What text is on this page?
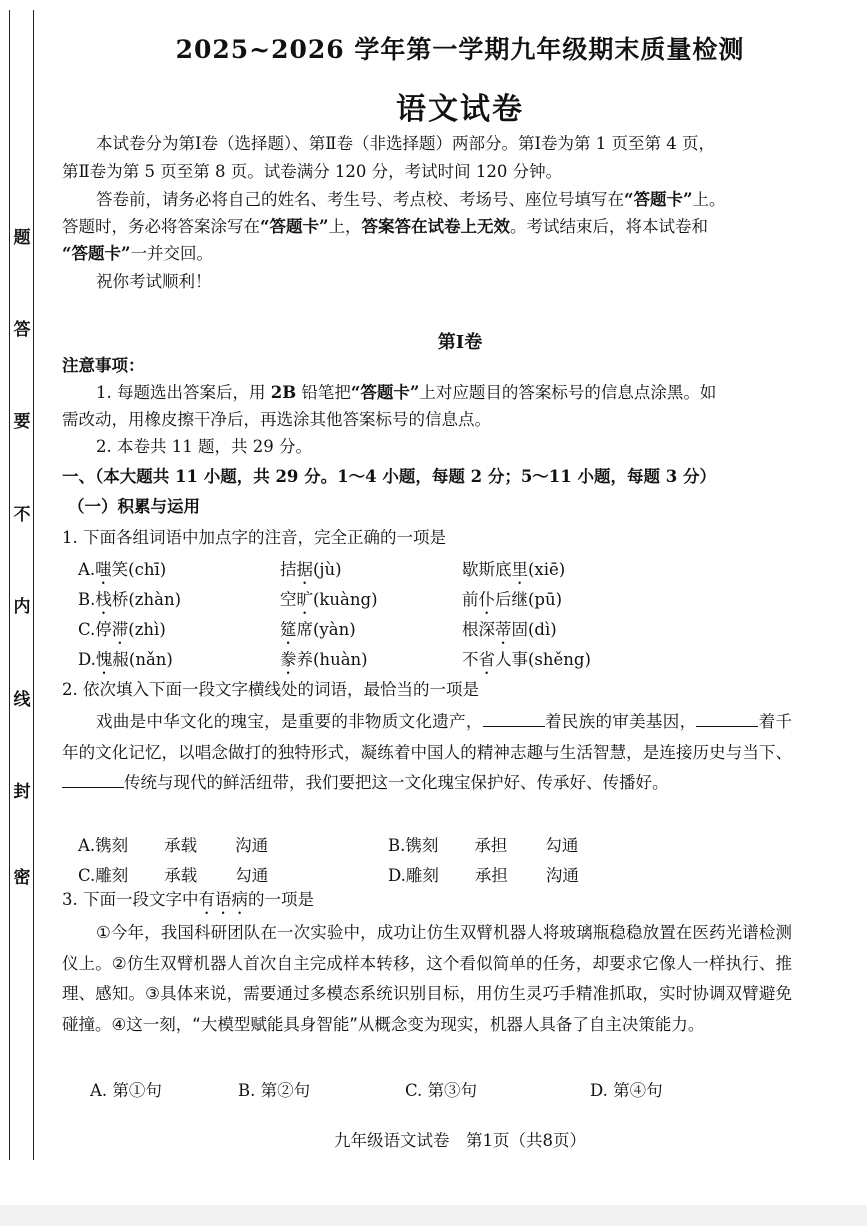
题
答
要
不
内
线
封
密
2025~2026 学年第一学期九年级期末质量检测
语文试卷
本试卷分为第Ⅰ卷（选择题）、第Ⅱ卷（非选择题）两部分。第Ⅰ卷为第 1 页至第 4 页，
第Ⅱ卷为第 5 页至第 8 页。试卷满分 120 分，考试时间 120 分钟。
答卷前，请务必将自己的姓名、考生号、考点校、考场号、座位号填写在“答题卡”上。
答题时，务必将答案涂写在“答题卡”上，答案答在试卷上无效。考试结束后，将本试卷和
“答题卡”一并交回。
祝你考试顺利！
第Ⅰ卷
注意事项：
1. 每题选出答案后，用 2B 铅笔把“答题卡”上对应题目的答案标号的信息点涂黑。如
需改动，用橡皮擦干净后，再选涂其他答案标号的信息点。
2. 本卷共 11 题，共 29 分。
一、（本大题共 11 小题，共 29 分。1～4 小题，每题 2 分；5～11 小题，每题 3 分）
（一）积累与运用
1. 下面各组词语中加点字的注音，完全正确的一项是
A.嗤笑(chī)	拮据(jù)	歇斯底里(xiē)
B.栈桥(zhàn)	空旷(kuàng)	前仆后继(pū)
C.停滞(zhì)	筵席(yàn)	根深蒂固(dì)
D.愧赧(nǎn)	豢养(huàn)	不省人事(shěng)
2. 依次填入下面一段文字横线处的词语，最恰当的一项是
戏曲是中华文化的瑰宝，是重要的非物质文化遗产，	着民族的审美基因，	着千年的文化记忆，以唱念做打的独特形式，凝练着中国人的精神志趣与生活智慧，是连接历史与当下、传统与现代的鲜活纽带，我们要把这一文化瑰宝保护好、传承好、传播好。
A.镌刻 承载 沟通	B.镌刻 承担 勾通
C.雕刻 承载 勾通	D.雕刻 承担 沟通
3. 下面一段文字中有语病的一项是
①今年，我国科研团队在一次实验中，成功让仿生双臂机器人将玻璃瓶稳稳放置在医药光谱检测仪上。②仿生双臂机器人首次自主完成样本转移，这个看似简单的任务，却要求它像人一样执行、推理、感知。③具体来说，需要通过多模态系统识别目标，用仿生灵巧手精准抓取，实时协调双臂避免碰撞。④这一刻，“大模型赋能具身智能”从概念变为现实，机器人具备了自主决策能力。
A. 第①句	B. 第②句	C. 第③句	D. 第④句
九年级语文试卷　第1页（共8页）
